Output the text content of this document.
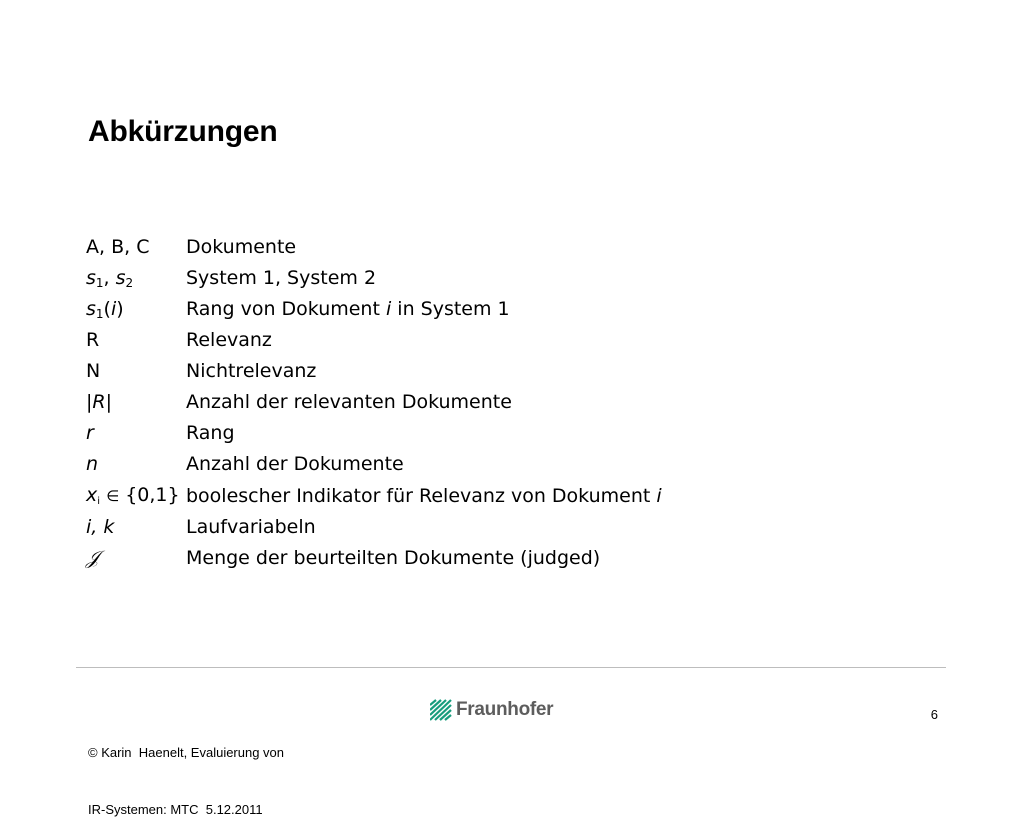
Abkürzungen
A, B, C	Dokumente
$s_1$, $s_2$	System 1, System 2
$s_1(i)$	Rang von Dokument i in System 1
R	Relevanz
N	Nichtrelevanz
|R|	Anzahl der relevanten Dokumente
r	Rang
n	Anzahl der Dokumente
$x_i$ ∈ {0,1}	boolescher Indikator für Relevanz von Dokument i
i, k	Laufvariabeln
𝒥	Menge der beurteilten Dokumente (judged)

© Karin  Haenelt, Evaluierung von

IR-Systemen: MTC  5.12.2011

Fraunhofer	6
